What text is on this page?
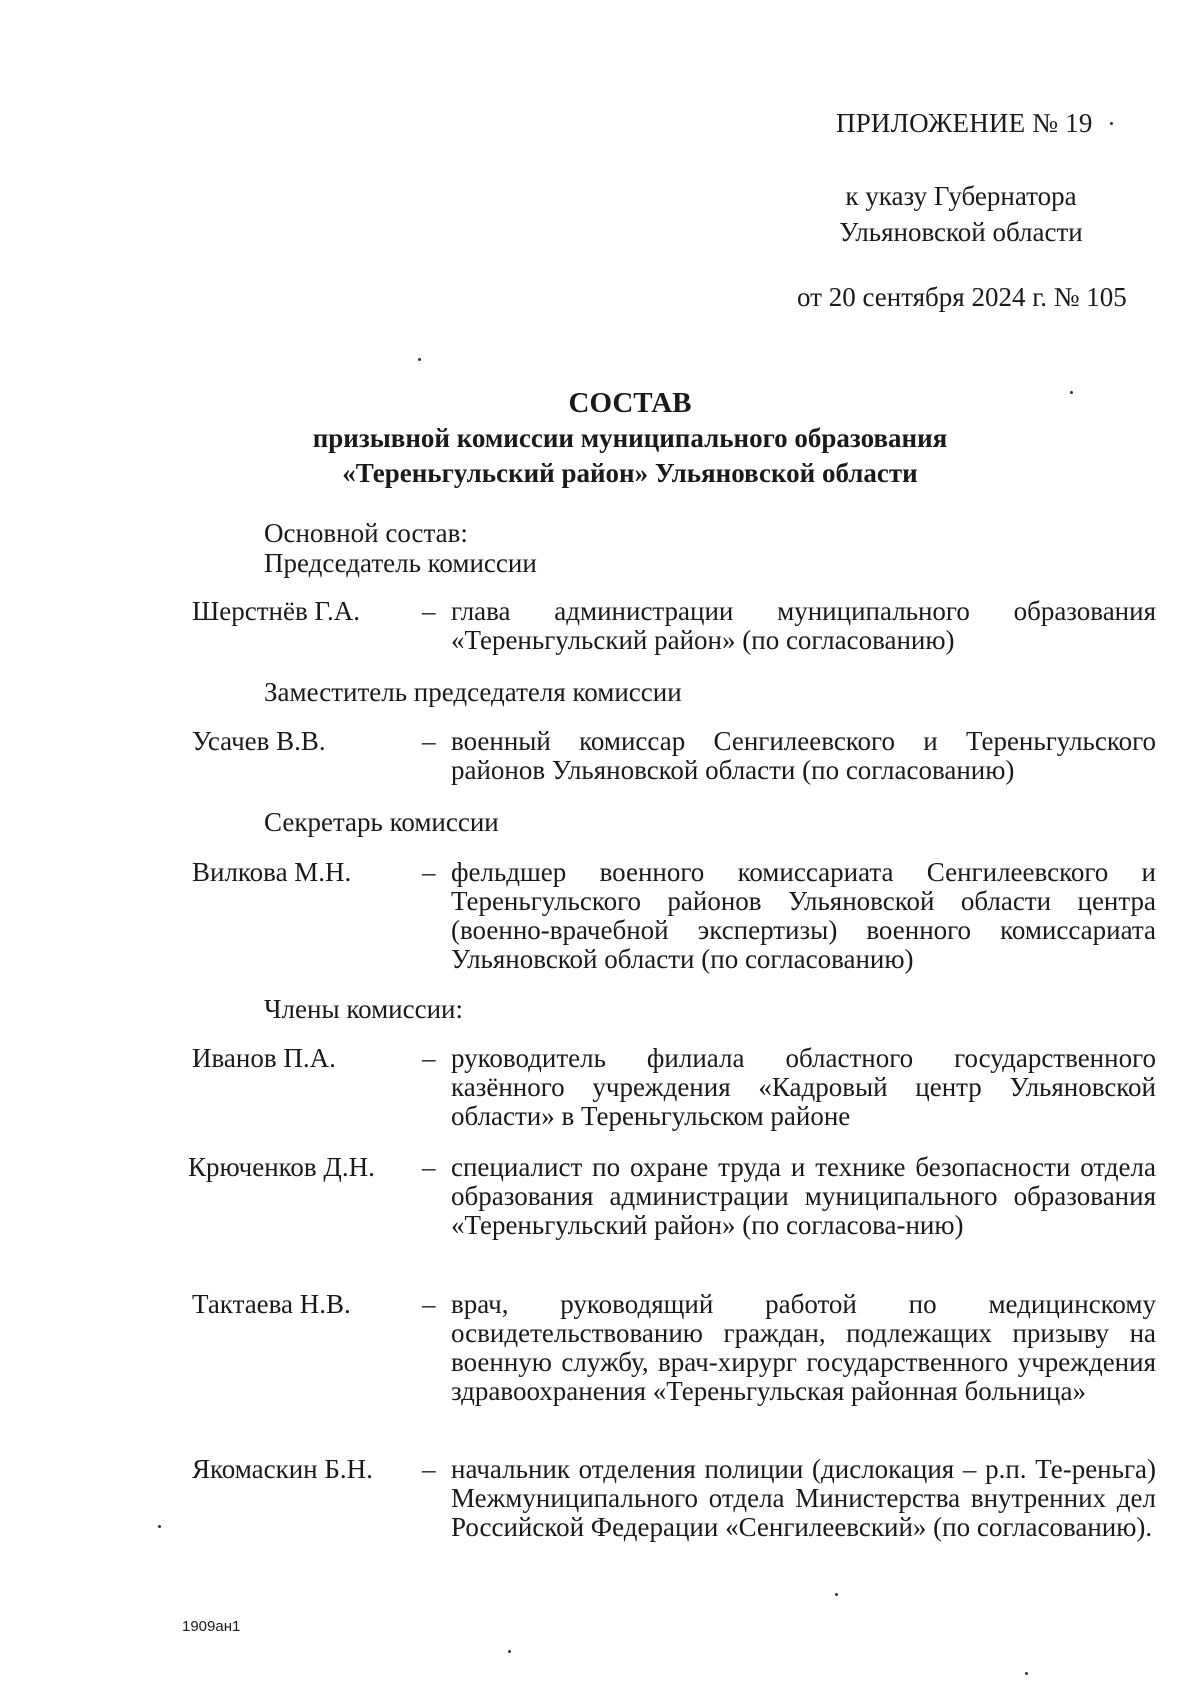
ПРИЛОЖЕНИЕ № 19
к указу Губернатора
Ульяновской области
от 20 сентября 2024 г. № 105
СОСТАВ
призывной комиссии муниципального образования
«Тереньгульский район» Ульяновской области
Основной состав:
Председатель комиссии
Шерстнёв Г.А. – глава администрации муниципального образования «Тереньгульский район» (по согласованию)
Заместитель председателя комиссии
Усачев В.В.	– военный комиссар Сенгилеевского и Тереньгульского районов Ульяновской области (по согласованию)
Секретарь комиссии
Вилкова М.Н.	– фельдшер военного комиссариата Сенгилеевского и Тереньгульского районов Ульяновской области центра (военно-врачебной экспертизы) военного комиссариата Ульяновской области (по согласованию)
Члены комиссии:
Иванов П.А.	– руководитель филиала областного государственного казённого учреждения «Кадровый центр Ульяновской области» в Тереньгульском районе
Крюченков Д.Н. – специалист по охране труда и технике безопасности отдела образования администрации муниципального образования «Тереньгульский район» (по согласова-нию)
Тактаева Н.В.	– врач, руководящий работой по медицинскому освидетельствованию граждан, подлежащих призыву на военную службу, врач-хирург государственного учреждения здравоохранения «Тереньгульская районная больница»
Якомаскин Б.Н. – начальник отделения полиции (дислокация – р.п. Те-реньга) Межмуниципального отдела Министерства внутренних дел Российской Федерации «Сенгилеевский» (по согласованию).
1909ан1
